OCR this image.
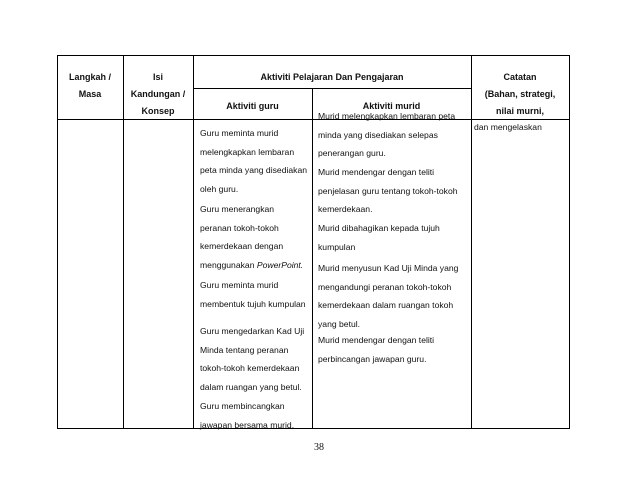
Langkah /
Masa
Isi
Kandungan /
Konsep
Aktiviti Pelajaran Dan Pengajaran
Aktiviti guru	Aktiviti murid
Catatan
(Bahan, strategi,
nilai murni,
Guru meminta murid
melengkapkan lembaran
peta minda yang disediakan
oleh guru.
Guru menerangkan
peranan tokoh-tokoh
kemerdekaan dengan
menggunakan PowerPoint.
Guru meminta murid
membentuk tujuh kumpulan
Guru mengedarkan Kad Uji
Minda tentang peranan
tokoh-tokoh kemerdekaan
dalam ruangan yang betul.
Guru membincangkan
jawapan bersama murid.
Murid melengkapkan lembaran peta
minda yang disediakan selepas
penerangan guru.
Murid mendengar dengan teliti
penjelasan guru tentang tokoh-tokoh
kemerdekaan.
Murid dibahagikan kepada tujuh
kumpulan
Murid menyusun Kad Uji Minda yang
mengandungi peranan tokoh-tokoh
kemerdekaan dalam ruangan tokoh
yang betul.
Murid mendengar dengan teliti
perbincangan jawapan guru.
dan mengelaskan
38
